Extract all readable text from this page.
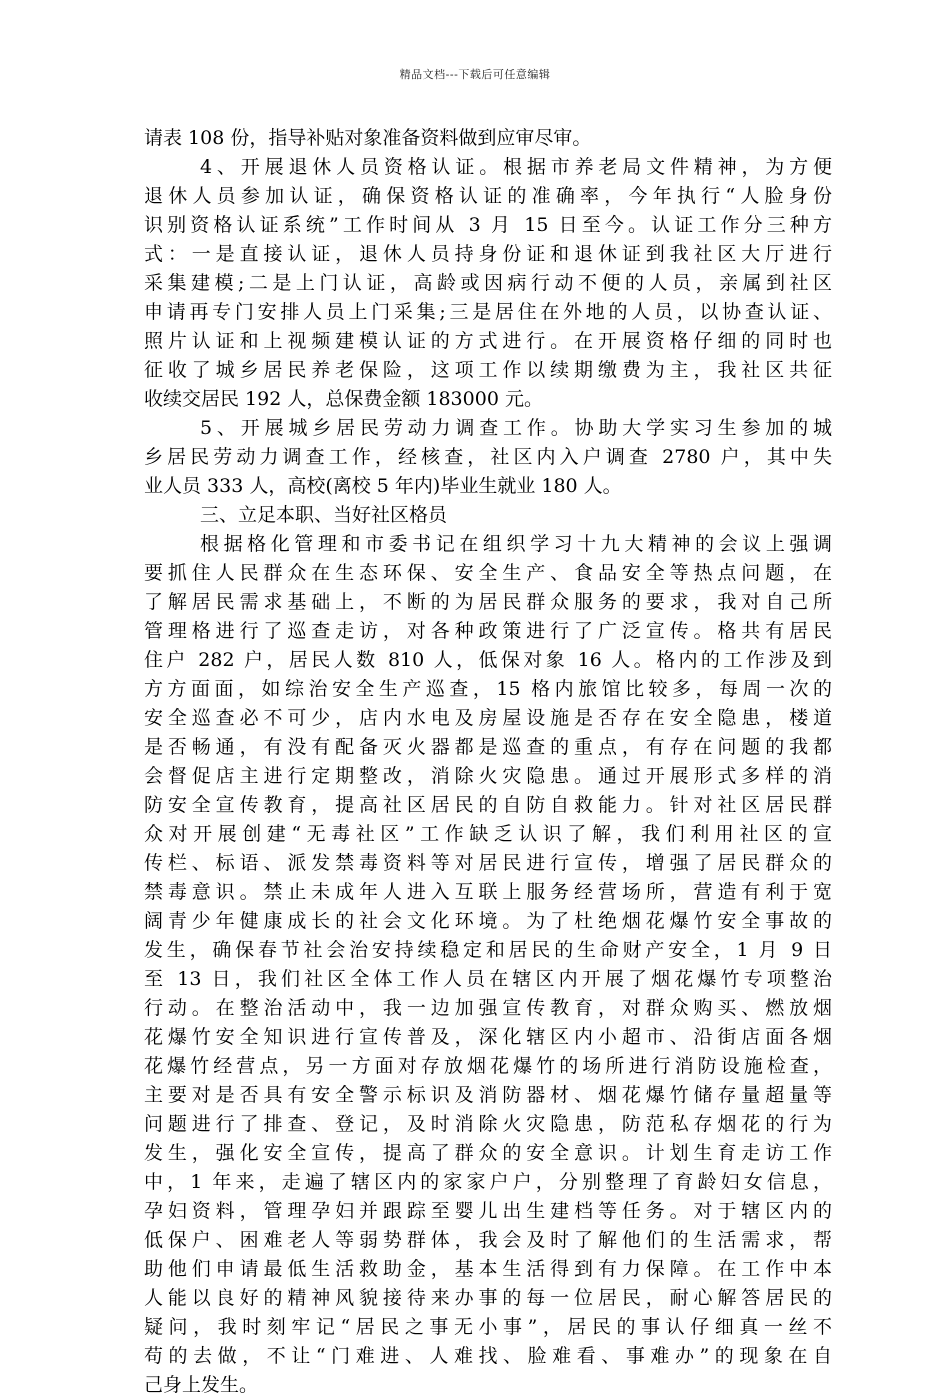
精品文档---下载后可任意编辑
请表 108 份，指导补贴对象准备资料做到应审尽审。
4、开展退休人员资格认证。根据市养老局文件精神，为方便
退休人员参加认证，确保资格认证的准确率，今年执行“人脸身份
识别资格认证系统”工作时间从 3 月 15 日至今。认证工作分三种方
式：一是直接认证，退休人员持身份证和退休证到我社区大厅进行
采集建模;二是上门认证，高龄或因病行动不便的人员，亲属到社区
申请再专门安排人员上门采集;三是居住在外地的人员，以协查认证、
照片认证和上视频建模认证的方式进行。在开展资格仔细的同时也
征收了城乡居民养老保险，这项工作以续期缴费为主，我社区共征
收续交居民 192 人，总保费金额 183000 元。
5、开展城乡居民劳动力调查工作。协助大学实习生参加的城
乡居民劳动力调查工作，经核查，社区内入户调查 2780 户，其中失
业人员 333 人，高校(离校 5 年内)毕业生就业 180 人。
三、立足本职、当好社区格员
根据格化管理和市委书记在组织学习十九大精神的会议上强调
要抓住人民群众在生态环保、安全生产、食品安全等热点问题，在
了解居民需求基础上，不断的为居民群众服务的要求，我对自己所
管理格进行了巡查走访，对各种政策进行了广泛宣传。格共有居民
住户 282 户，居民人数 810 人，低保对象 16 人。格内的工作涉及到
方方面面，如综治安全生产巡查，15 格内旅馆比较多，每周一次的
安全巡查必不可少，店内水电及房屋设施是否存在安全隐患，楼道
是否畅通，有没有配备灭火器都是巡查的重点，有存在问题的我都
会督促店主进行定期整改，消除火灾隐患。通过开展形式多样的消
防安全宣传教育，提高社区居民的自防自救能力。针对社区居民群
众对开展创建“无毒社区”工作缺乏认识了解，我们利用社区的宣
传栏、标语、派发禁毒资料等对居民进行宣传，增强了居民群众的
禁毒意识。禁止未成年人进入互联上服务经营场所，营造有利于宽
阔青少年健康成长的社会文化环境。为了杜绝烟花爆竹安全事故的
发生，确保春节社会治安持续稳定和居民的生命财产安全，1 月 9 日
至 13 日，我们社区全体工作人员在辖区内开展了烟花爆竹专项整治
行动。在整治活动中，我一边加强宣传教育，对群众购买、燃放烟
花爆竹安全知识进行宣传普及，深化辖区内小超市、沿街店面各烟
花爆竹经营点，另一方面对存放烟花爆竹的场所进行消防设施检查，
主要对是否具有安全警示标识及消防器材、烟花爆竹储存量超量等
问题进行了排查、登记，及时消除火灾隐患，防范私存烟花的行为
发生，强化安全宣传，提高了群众的安全意识。计划生育走访工作
中，1 年来，走遍了辖区内的家家户户，分别整理了育龄妇女信息，
孕妇资料，管理孕妇并跟踪至婴儿出生建档等任务。对于辖区内的
低保户、困难老人等弱势群体，我会及时了解他们的生活需求，帮
助他们申请最低生活救助金，基本生活得到有力保障。在工作中本
人能以良好的精神风貌接待来办事的每一位居民，耐心解答居民的
疑问，我时刻牢记“居民之事无小事”，居民的事认仔细真一丝不
苟的去做，不让“门难进、人难找、脸难看、事难办”的现象在自
己身上发生。
